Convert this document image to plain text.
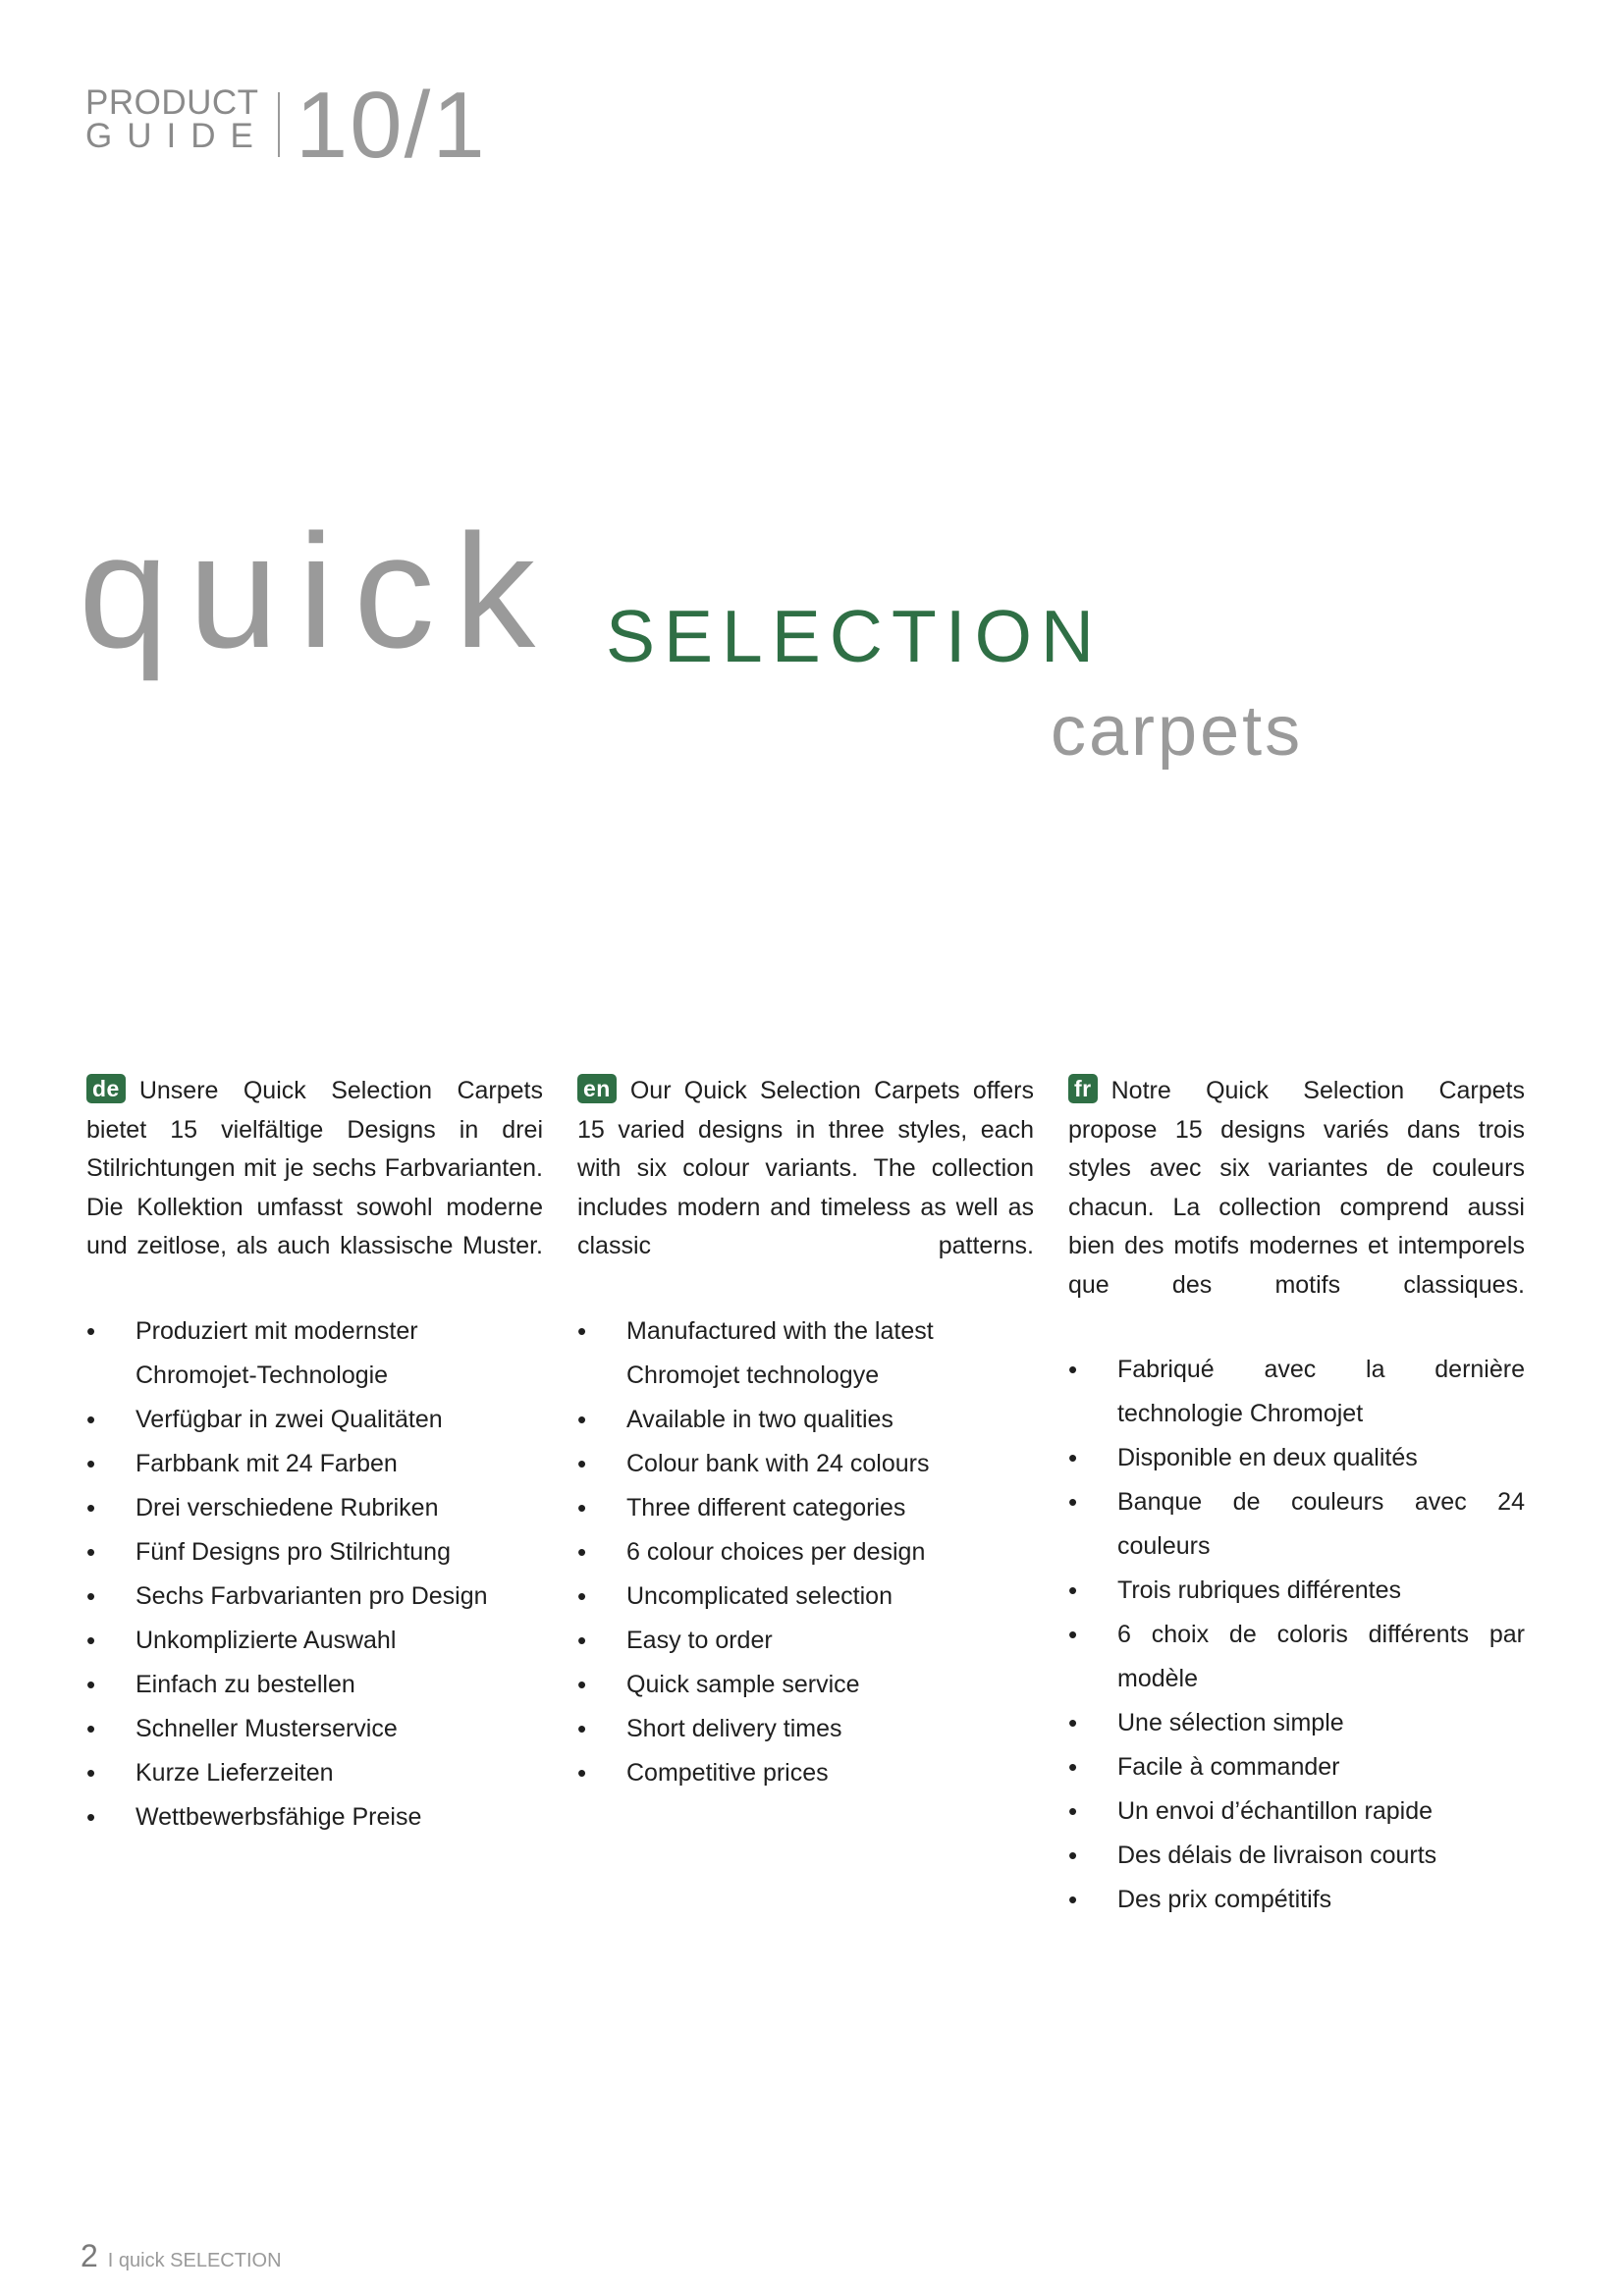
PRODUCT
GUIDE 10/1
quick SELECTION
carpets

de Unsere Quick Selection Carpets bietet 15 vielfältige Designs in drei Stilrichtungen mit je sechs Farbvarianten. Die Kollektion umfasst sowohl moderne und zeitlose, als auch klassische Muster.

• Produziert mit modernster Chromojet-Technologie
• Verfügbar in zwei Qualitäten
• Farbbank mit 24 Farben
• Drei verschiedene Rubriken
• Fünf Designs pro Stilrichtung
• Sechs Farbvarianten pro Design
• Unkomplizierte Auswahl
• Einfach zu bestellen
• Schneller Musterservice
• Kurze Lieferzeiten
• Wettbewerbsfähige Preise

en Our Quick Selection Carpets offers 15 varied designs in three styles, each with six colour variants. The collection includes modern and timeless as well as classic patterns.

• Manufactured with the latest Chromojet technologye
• Available in two qualities
• Colour bank with 24 colours
• Three different categories
• 6 colour choices per design
• Uncomplicated selection
• Easy to order
• Quick sample service
• Short delivery times
• Competitive prices

fr Notre Quick Selection Carpets propose 15 designs variés dans trois styles avec six variantes de couleurs chacun. La collection comprend aussi bien des motifs modernes et intemporels que des motifs classiques.

• Fabriqué avec la dernière technologie Chromojet
• Disponible en deux qualités
• Banque de couleurs avec 24 couleurs
• Trois rubriques différentes
• 6 choix de coloris différents par modèle
• Une sélection simple
• Facile à commander
• Un envoi d’échantillon rapide
• Des délais de livraison courts
• Des prix compétitifs
2 I quick SELECTION
